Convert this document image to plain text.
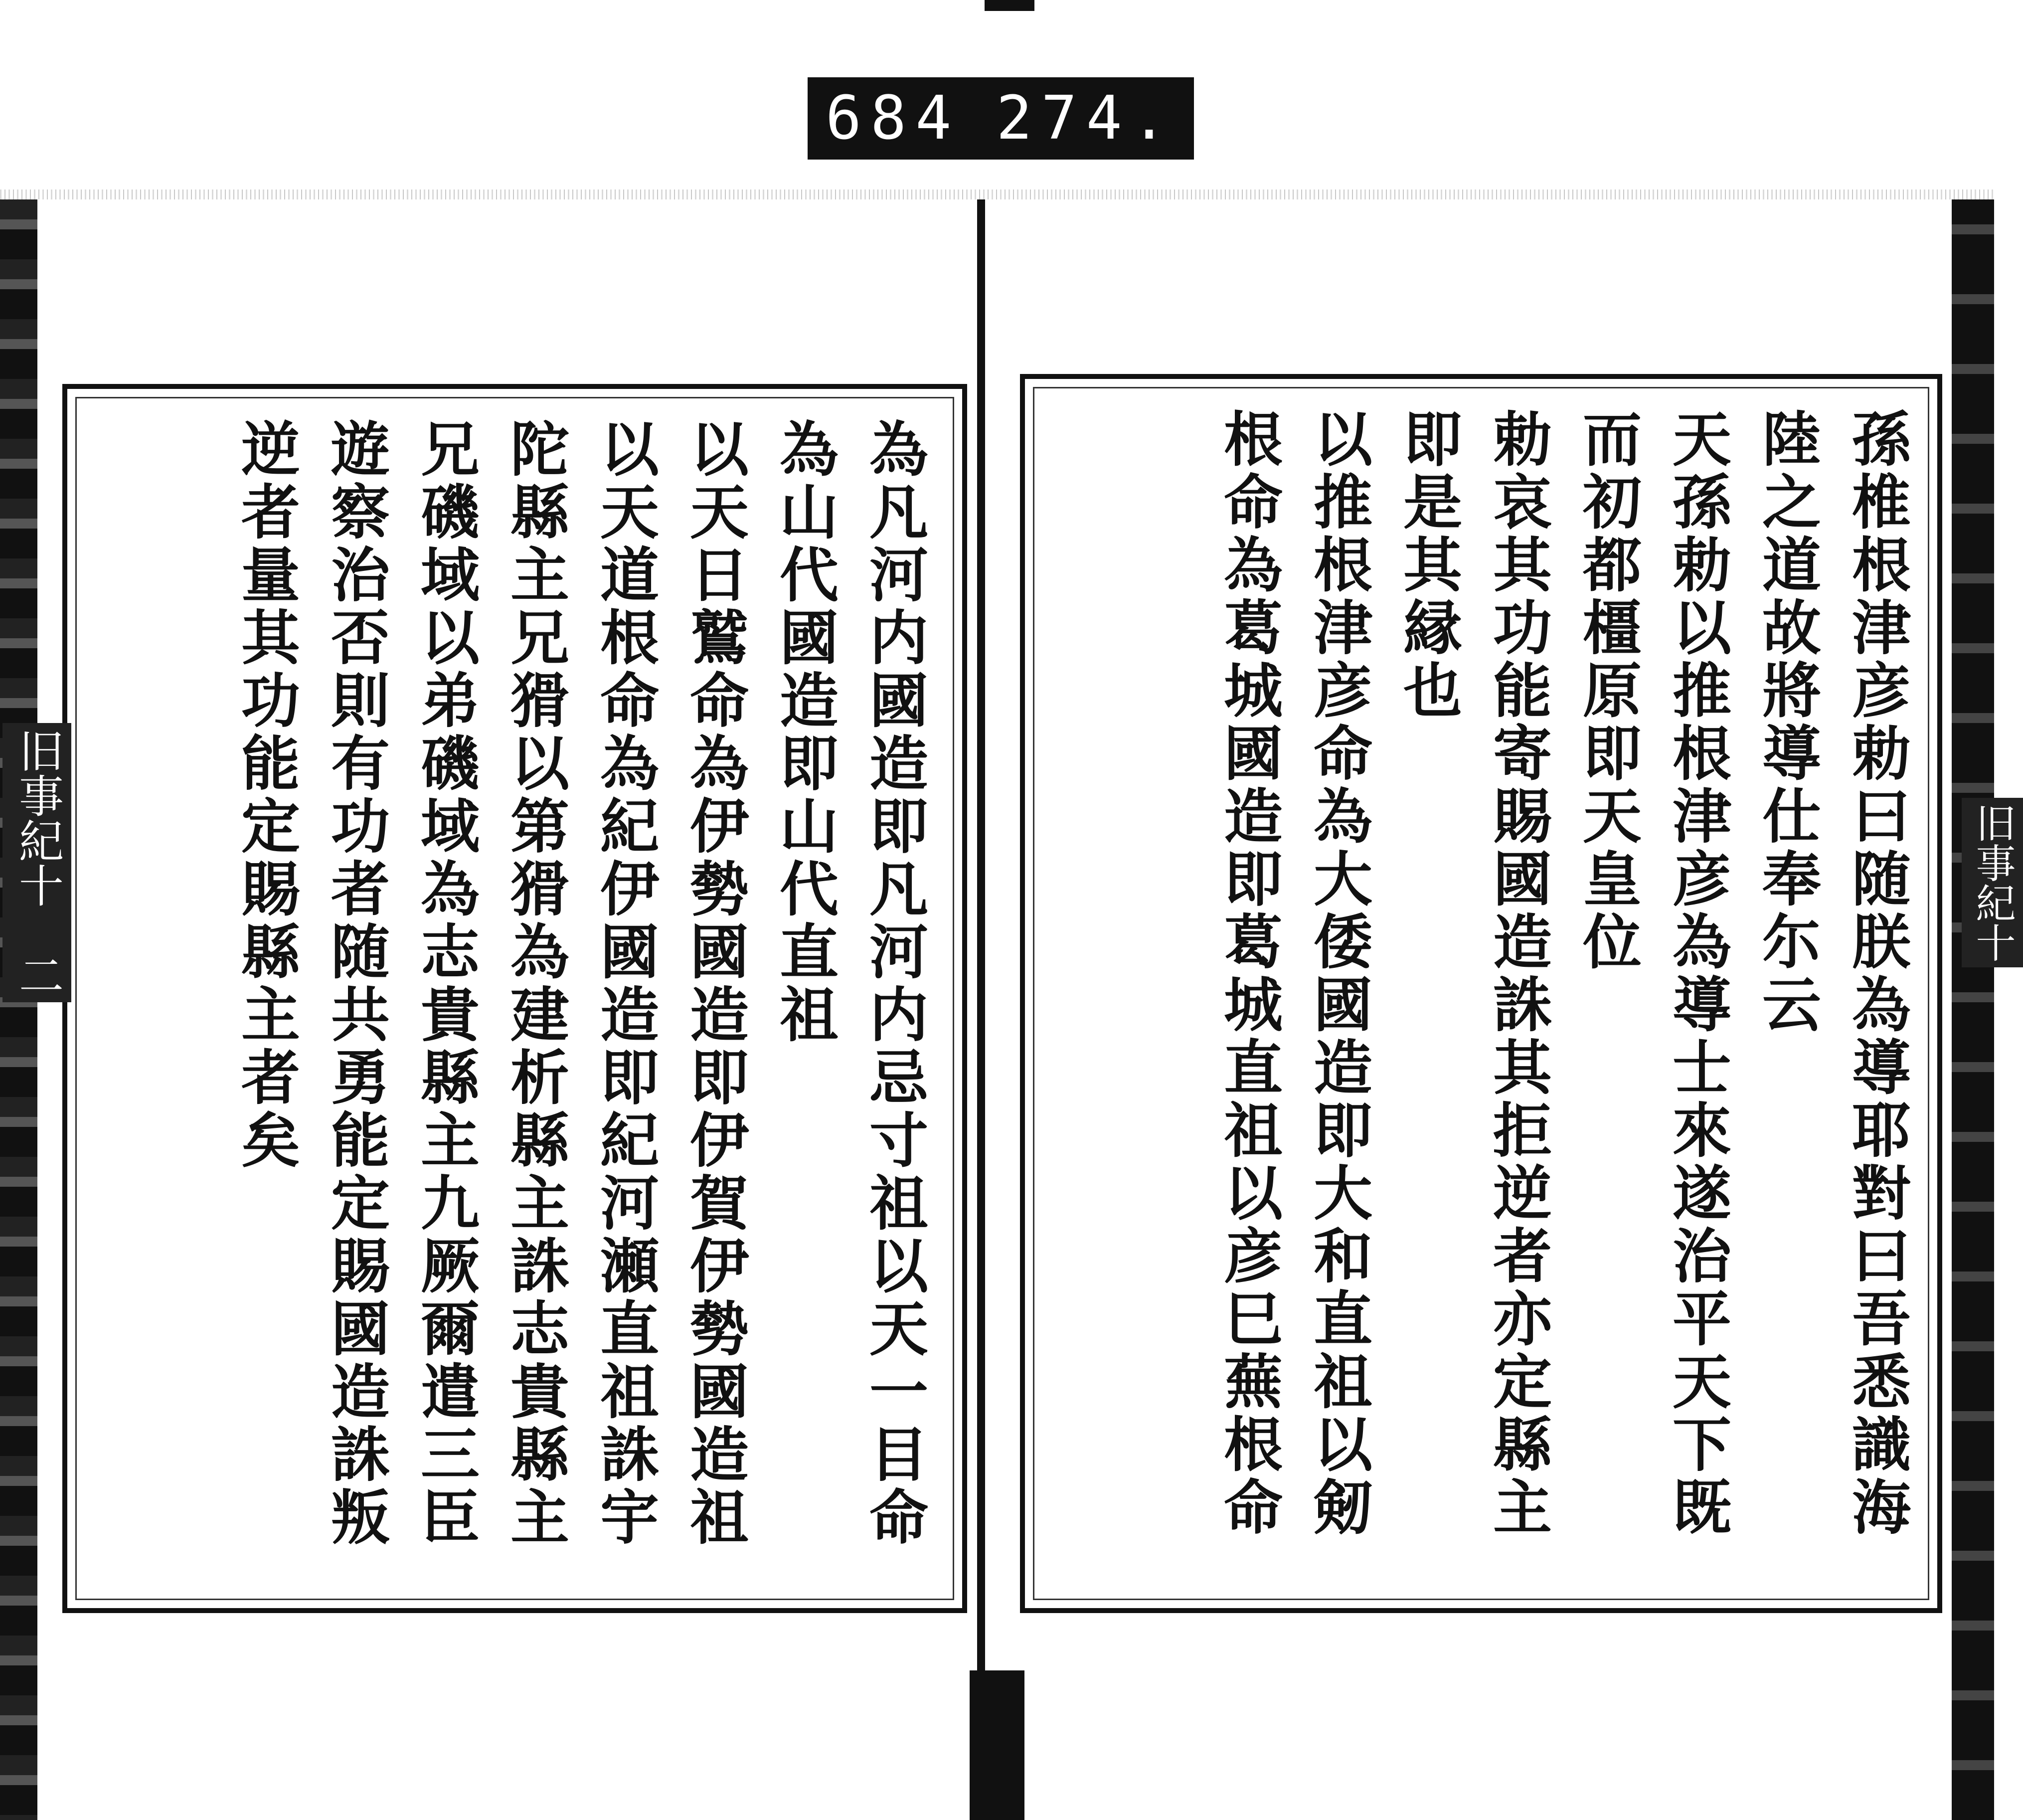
684 274.
為凡河内國造即凡河内忌寸祖以天一目命
為山代國造即山代直祖
以天日鷲命為伊勢國造即伊賀伊勢國造祖
以天道根命為紀伊國造即紀河瀬直祖誅宇
陀縣主兄猾以第猾為建析縣主誅志貴縣主
兄磯域以弟磯域為志貴縣主九厥爾遣三臣
遊察治否則有功者随共勇能定賜國造誅叛
逆者量其功能定賜縣主者矣	孫椎根津彦勅曰随朕為導耶對曰吾悉識海
陸之道故將導仕奉尓云
天孫勅以推根津彦為導士來遂治平天下既
而初都橿原即天皇位
勅哀其功能寄賜國造誅其拒逆者亦定縣主
即是其縁也
以推根津彦命為大倭國造即大和直祖以剱
根命為葛城國造即葛城直祖以彦巳蕪根命
旧事紀十　二	旧事紀十
